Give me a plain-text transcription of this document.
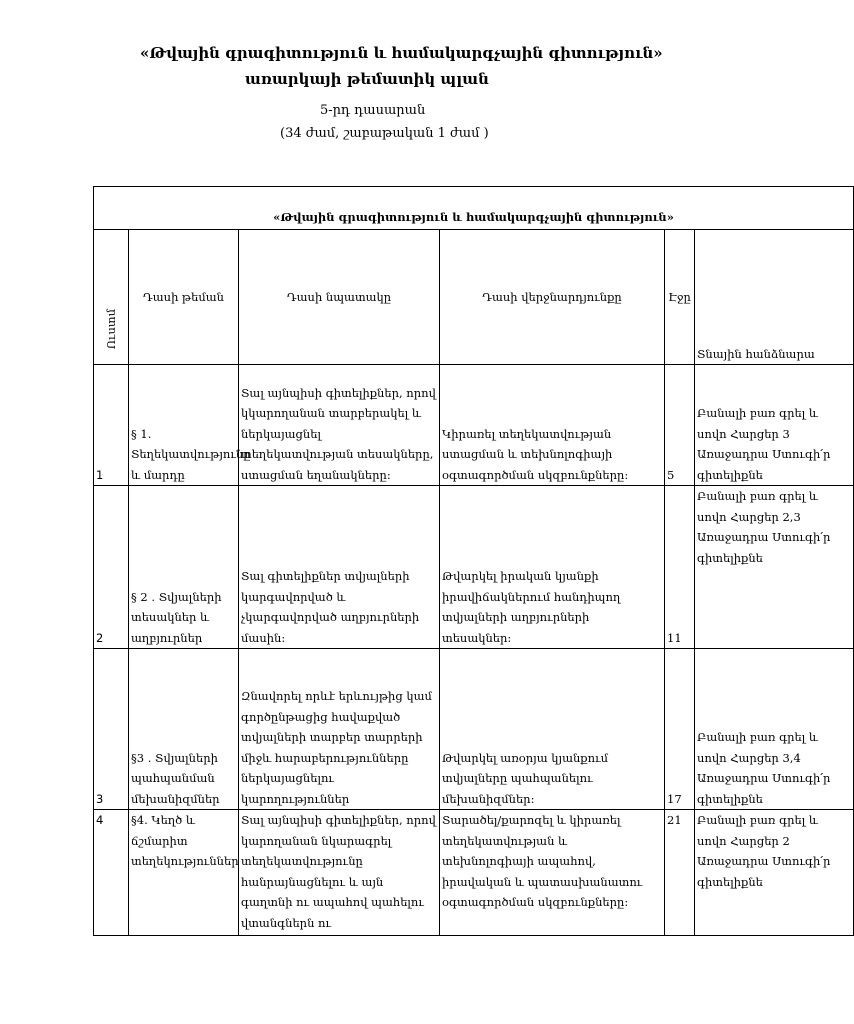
«Թվային գրագիտություն և համակարգչային գիտություն»
առարկայի թեմատիկ պլան
5-րդ դասարան
(34 ժամ, շաբաթական 1 ժամ )
«Թվային գրագիտություն և համակարգչային գիտություն»					
Ուստմ	Դասի թեման	Դասի նպատակը	Դասի վերջնարդյունքը	Էջը	Տնային հանձնարա
1	§ 1. Տեղեկատվությունը և մարդը	Տալ այնպիսի գիտելիքներ, որով կկարողանան տարբերակել և ներկայացնել տեղեկատվության տեսակները, ստացման եղանակները:	Կիրառել տեղեկատվության ստացման և տեխնոլոգիայի օգտագործման սկզբունքները:	5	Բանալի բառ գրել և սովո Հարցեր 3 Առաջադրա Ստուգի՛ր գիտելիքնե
2	§ 2 . Տվյալների տեսակներ և աղբյուրներ	Տալ գիտելիքներ տվյալների կարգավորված և չկարգավորված աղբյուրների մասին:	Թվարկել իրական կյանքի իրավիճակներում հանդիպող տվյալների աղբյուրների տեսակներ:	11	Բանալի բառ գրել և սովո Հարցեր 2,3 Առաջադրա Ստուգի՛ր գիտելիքնե
3	§3 . Տվյալների պահպանման մեխանիզմներ	Զնավորել որևէ երևույթից կամ գործընթացից հավաքված տվյալների տարբեր տարրերի միջև հարաբերությունները ներկայացնելու կարողություններ	Թվարկել առօրյա կյանքում տվյալները պահպանելու մեխանիզմներ:	17	Բանալի բառ գրել և սովո Հարցեր 3,4 Առաջադրա Ստուգի՛ր գիտելիքնե
4	§4. Կեղծ և ճշմարիտ տեղեկություններ	Տալ այնպիսի գիտելիքներ, որով կարողանան նկարագրել տեղեկատվությունը հանրայնացնելու և այն գաղտնի ու ապահով պահելու վտանգներն ու	Տարածել/քարոզել և կիրառել տեղեկատվության և տեխնոլոգիայի ապահով, իրավական և պատասխանատու օգտագործման սկզբունքները:	21	Բանալի բառ գրել և սովո Հարցեր 2 Առաջադրա Ստուգի՛ր գիտելիքնե
